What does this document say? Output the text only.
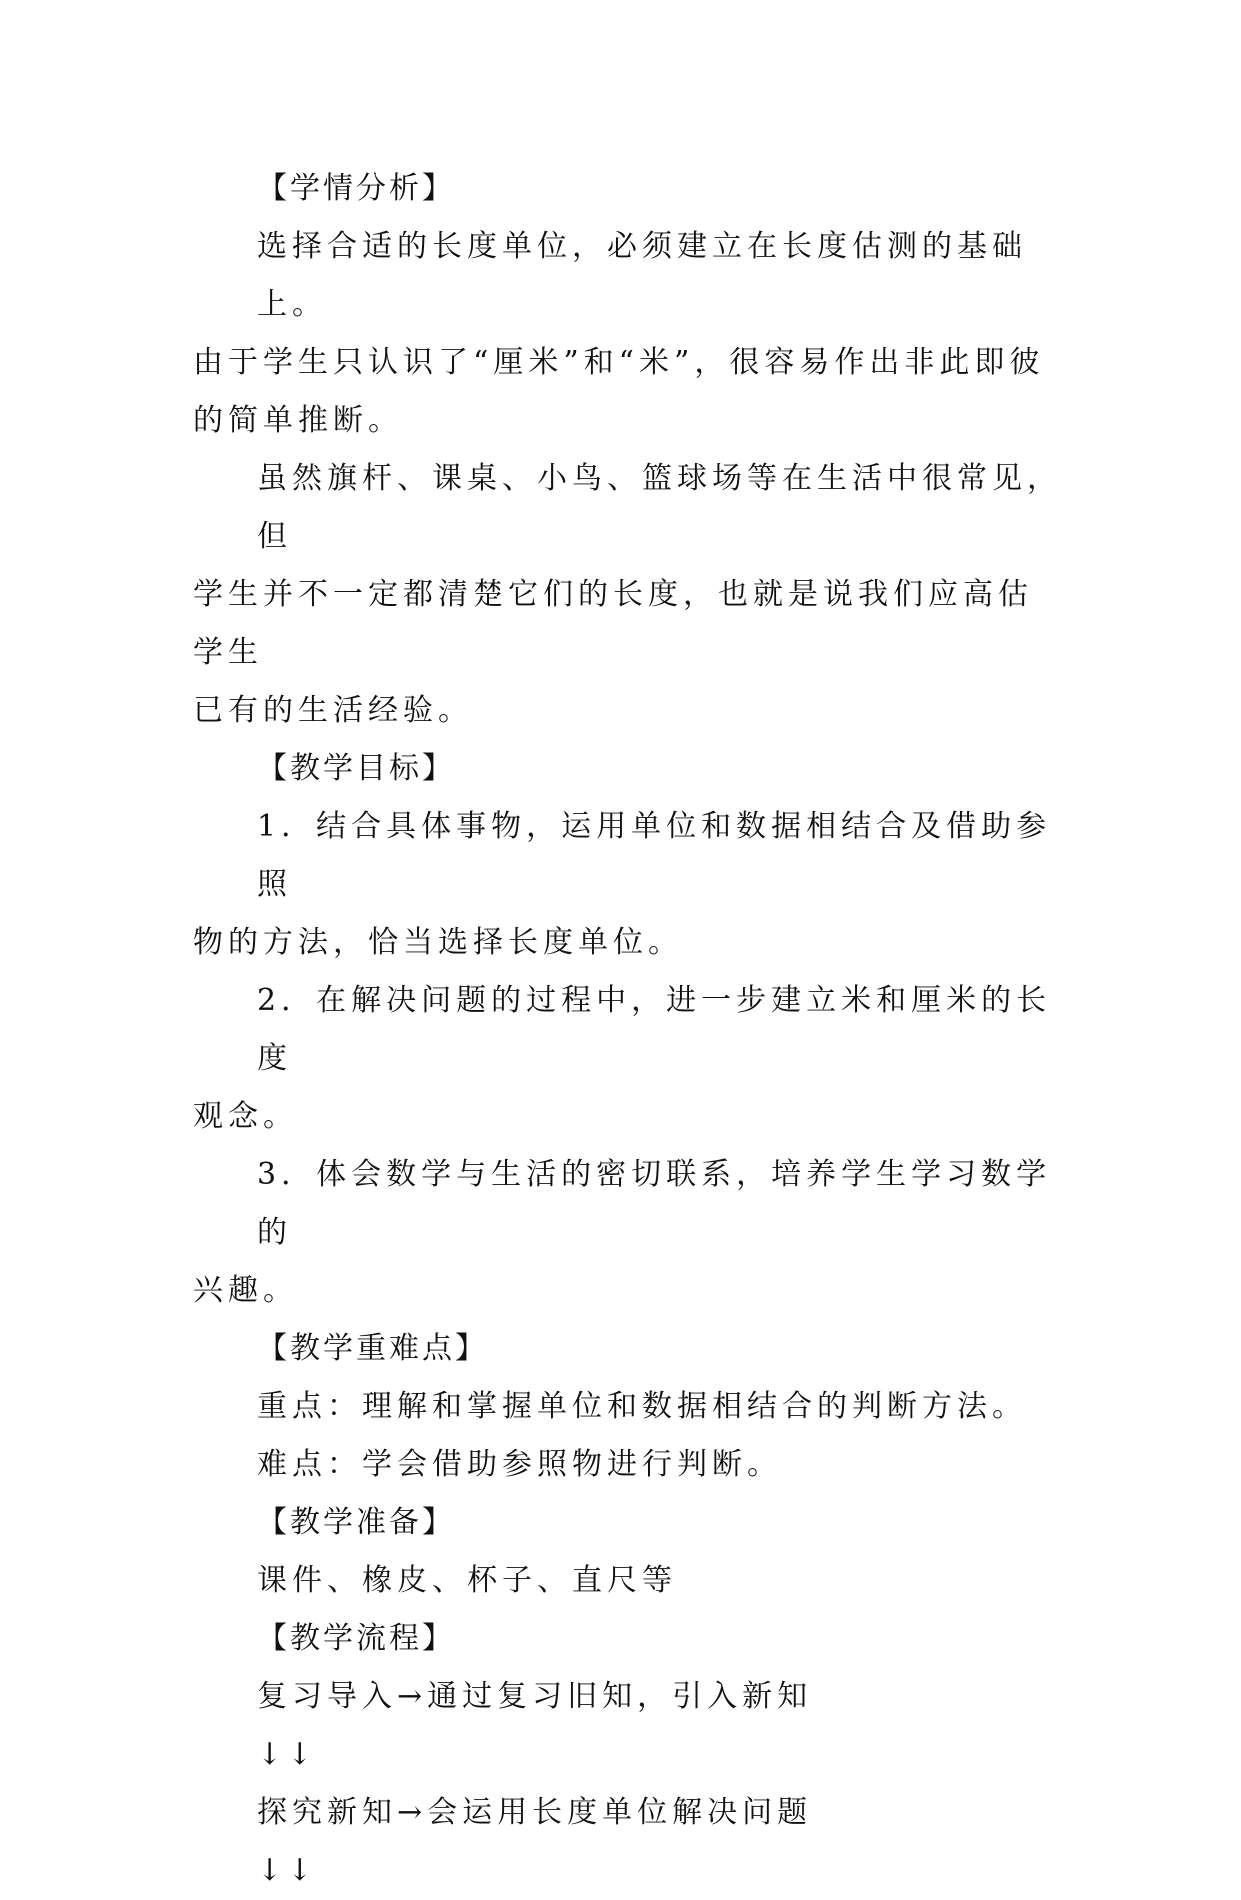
【学情分析】

选择合适的长度单位，必须建立在长度估测的基础上。

由于学生只认识了“厘米”和“米”，很容易作出非此即彼

的简单推断。

虽然旗杆、课桌、小鸟、篮球场等在生活中很常见，但

学生并不一定都清楚它们的长度，也就是说我们应高估学生

已有的生活经验。

【教学目标】

1．结合具体事物，运用单位和数据相结合及借助参照

物的方法，恰当选择长度单位。

2．在解决问题的过程中，进一步建立米和厘米的长度

观念。

3．体会数学与生活的密切联系，培养学生学习数学的

兴趣。

【教学重难点】

重点：理解和掌握单位和数据相结合的判断方法。

难点：学会借助参照物进行判断。

【教学准备】

课件、橡皮、杯子、直尺等

【教学流程】

复习导入→通过复习旧知，引入新知

↓↓

探究新知→会运用长度单位解决问题

↓↓
